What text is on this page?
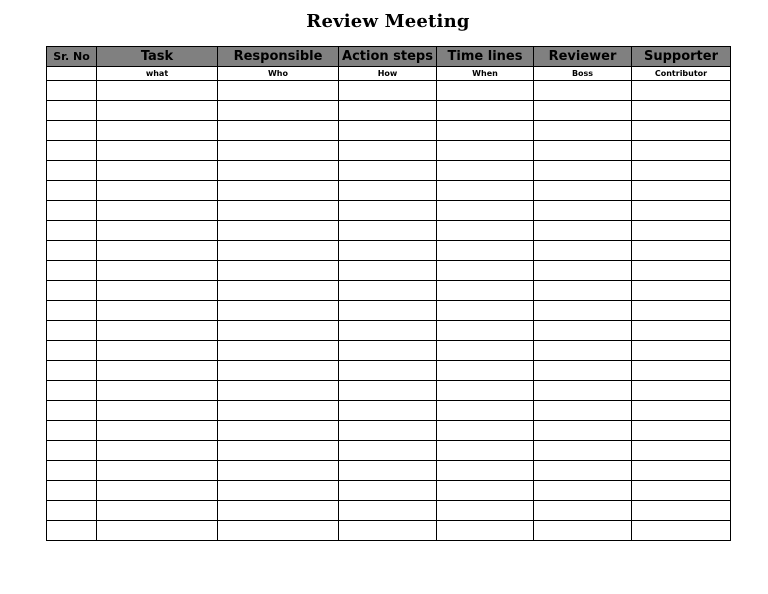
Review Meeting
Sr. No	Task	Responsible	Action steps	Time lines	Reviewer	Supporter
	what	Who	How	When	Boss	Contributor
